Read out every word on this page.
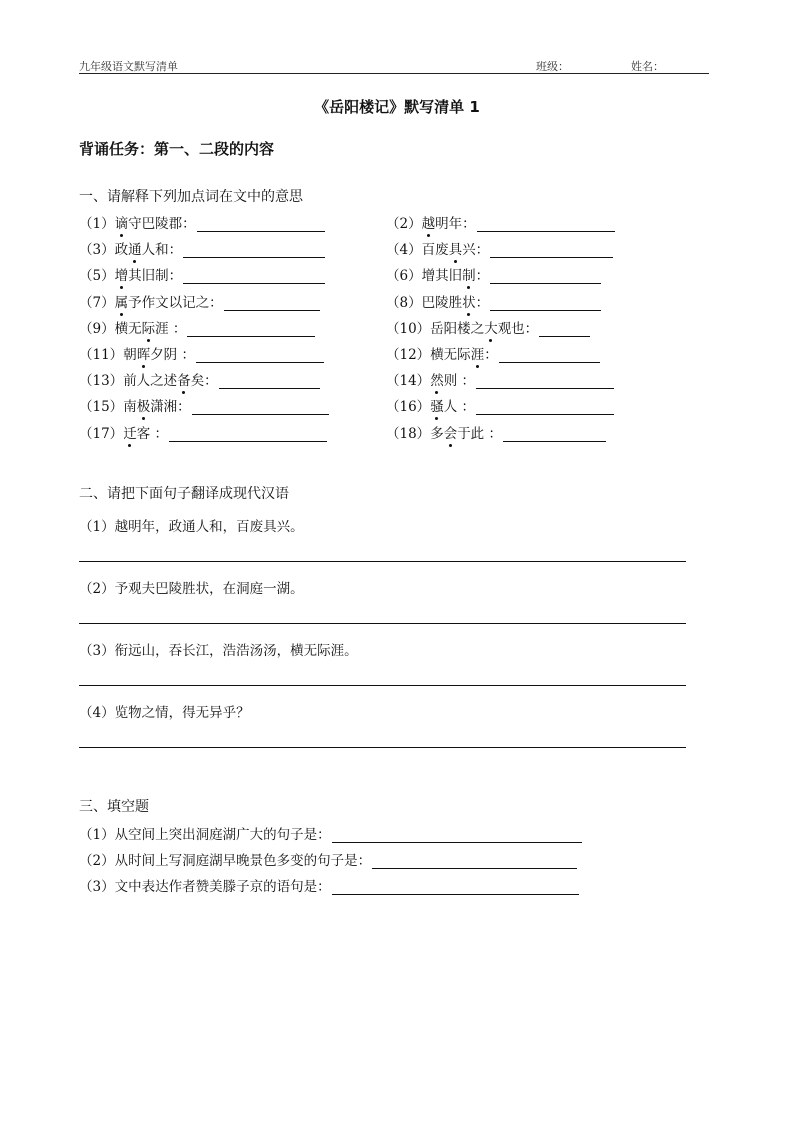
九年级语文默写清单	班级：	姓名：
《岳阳楼记》默写清单 1
背诵任务：第一、二段的内容
一、请解释下列加点词在文中的意思
（1） 谪 守巴陵郡：	（2） 越 明年：
（3） 政 通 人和：	（4） 百废 具 兴：
（5） 增 其旧制：	（6） 增其旧 制 ：
（7） 属 予作文以记之：	（8） 巴陵胜 状 ：
（9） 横无 际 涯 ：	（10） 岳阳楼之 大 观也：
（11） 朝 晖 夕阴 ：	（12） 横无际 涯 ：
（13） 前人之述 备 矣：	（14） 然 则 ：
（15） 南 极 潇湘：	（16） 骚 人 ：
（17） 迁 客 ：	（18） 多 会 于此 ：
二、请把下面句子翻译成现代汉语
（1）越明年，政通人和，百废具兴。
（2）予观夫巴陵胜状，在洞庭一湖。
（3）衔远山，吞长江，浩浩汤汤，横无际涯。
（4）览物之情，得无异乎？
三、填空题
（1）从空间上突出洞庭湖广大的句子是：
（2）从时间上写洞庭湖早晚景色多变的句子是：
（3）文中表达作者赞美滕子京的语句是：
